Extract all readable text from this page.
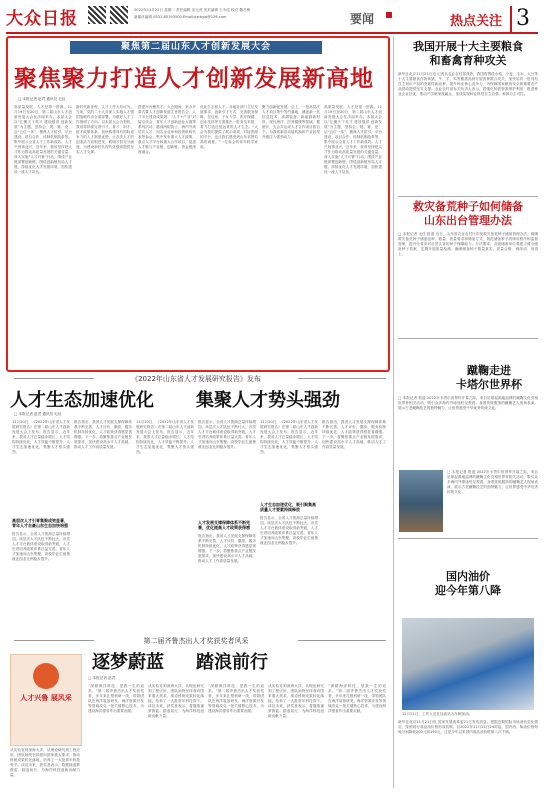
大众日报	2022年11月22日 星期二 责任编辑 宋元虎 美术编辑 王永佳 校对 魏冬梅
新媒体编辑 0531-85193500 Email:dzrbyw@126.com	要闻	热点关注 3
聚焦第二届山东人才创新发展大会
聚焦聚力打造人才创新发展新高地
□ 本报记者 赵君 通讯员 毛佳
高质量发展、人才是第一资源。11月19日至20日，第二届山东人才创新发展大会在济南举办。本届大会以“汇聚天下英才 建设强省 创新发展”为主题，坚持会、展、赛、论、洽“五位一体”，聚焦人才招引、平台建设、项目合作、体制机制改革等，集中展示全省人才工作新成效。人才兴则事业兴，近年来，我省坚持把人才作为推动高质量发展的关键变量，深入实施“人才兴鲁”行动，围绕产业链部署创新链、围绕创新链布局人才链，持续优化人才发展环境，加快建设一流人才队伍。
新时代新征程，人才工作大有可为。当前，党的二十大对深入实施人才强国战略作出全面部署，为做好人才工作指明了方向。以本届大会为契机，我省将持续完善引才、育才、用才、留才政策体系，加快构建具有国际竞争力的人才制度优势，让各类人才的创造活力竞相迸发，聪明才智充分涌流，为建设新时代现代化强省提供坚实人才支撑。
搭建平台聚英才。大会期间，举办开幕式暨人才创新发展主旨报告会、人才平台建设成果展、“人才+产业”对接洽谈会、青年人才创新创业大赛等系列活动，邀请两院院士、海内外高层次人才、知名企业家和投资机构代表等参会，集中发布重大人才政策、重点人才平台和重大合作项目，促进人才链与产业链、创新链、资金链深度融合。
优化生态留人才。各地各部门立足发展需求，创新引才方式，完善服务保障，在住房、子女入学、医疗保健、创业扶持等方面推出一批务实举措，着力打造近悦远来的人才生态。“大会为我们提供了展示成果、对接资源的平台，也让我们感受到山东求贤若渴的诚意。”一位参会的青年科学家说。
聚力创新促发展。会上，一批高层次人才项目集中签约落地，涵盖新一代信息技术、高端装备、新能源新材料、现代海洋、医养健康等领域。据统计，大会共达成人才合作项目数百个，为我省新旧动能转换和产业转型升级注入强劲动力。
高质量发展、人才是第一资源。11月19日至20日，第二届山东人才创新发展大会在济南举办。本届大会以“汇聚天下英才 建设强省 创新发展”为主题，坚持会、展、赛、论、洽“五位一体”，聚焦人才招引、平台建设、项目合作、体制机制改革等，集中展示全省人才工作新成效。人才兴则事业兴，近年来，我省坚持把人才作为推动高质量发展的关键变量，深入实施“人才兴鲁”行动，围绕产业链部署创新链、围绕创新链布局人才链，持续优化人才发展环境，加快建设一流人才队伍。
《2022年山东省人才发展研究报告》发布
人才生态加速优化 集聚人才势头强劲
□ 本报记者 赵君 通讯员 毛佳
11月20日，《2022年山东省人才发展研究报告》在第二届山东人才创新发展大会上发布。报告显示，近年来，我省人才总量稳步增长，人才结构持续优化，人才效能不断提升，人才生态加速优化，集聚人才势头强劲。
高层次人才引育集聚成效显著，青年人才自豪山东生态加快培强
报告显示，全省人才资源总量持续增加，高层次人才队伍不断壮大，各类人才平台载体建设取得新突破，人才引进培养政策体系日益完善。青年人才加速向山东集聚，高校毕业生留鲁就业创业比例稳步提升。
报告指出，我省人才发展支撑保障体系不断完善，人才评价、激励、服务机制持续优化，人才政策获得感显著增强。下一步，将聚焦重点产业链发展需求，加快建设高水平人才高地，推动人才工作高质量发展。
11月20日，《2022年山东省人才发展研究报告》在第二届山东人才创新发展大会上发布。报告显示，近年来，我省人才总量稳步增长，人才结构持续优化，人才效能不断提升，人才生态加速优化，集聚人才势头强劲。
报告显示，全省人才资源总量持续增加，高层次人才队伍不断壮大，各类人才平台载体建设取得新突破，人才引进培养政策体系日益完善。青年人才加速向山东集聚，高校毕业生留鲁就业创业比例稳步提升。
人才发展支撑保障体系不断完善，优化提高人才政策获得感
报告指出，我省人才发展支撑保障体系不断完善，人才评价、激励、服务机制持续优化，人才政策获得感显著增强。下一步，将聚焦重点产业链发展需求，加快建设高水平人才高地，推动人才工作高质量发展。
11月20日，《2022年山东省人才发展研究报告》在第二届山东人才创新发展大会上发布。报告显示，近年来，我省人才总量稳步增长，人才结构持续优化，人才效能不断提升，人才生态加速优化，集聚人才势头强劲。
人才生态加速优化，吸引聚集高质量人才要素持续释放
报告显示，全省人才资源总量持续增加，高层次人才队伍不断壮大，各类人才平台载体建设取得新突破，人才引进培养政策体系日益完善。青年人才加速向山东集聚，高校毕业生留鲁就业创业比例稳步提升。
报告指出，我省人才发展支撑保障体系不断完善，人才评价、激励、服务机制持续优化，人才政策获得感显著增强。下一步，将聚焦重点产业链发展需求，加快建设高水平人才高地，推动人才工作高质量发展。
第二届齐鲁杰出人才奖获奖者风采
逐梦蔚蓝 踏浪前行
□ 本报记者 赵君
人才兴鲁 展风采
从实验室到深海大洋，从理论研究到工程应用，团队始终坚持面向国家重大需求，推动科研成果转化落地，培养了一大批青年科技骨干。谈及未来，获奖者表示，将继续逐梦蔚蓝、踏浪前行，为海洋科技创新贡献力量。
“深耕海洋科技，是我一生的追求。”第二届齐鲁杰出人才奖获奖者，多年来扎根科研一线，带领团队在海洋装备研发、海洋资源开发等领域攻克一批关键核心技术，为建设海洋强省作出重要贡献。
从实验室到深海大洋，从理论研究到工程应用，团队始终坚持面向国家重大需求，推动科研成果转化落地，培养了一大批青年科技骨干。谈及未来，获奖者表示，将继续逐梦蔚蓝、踏浪前行，为海洋科技创新贡献力量。
“深耕海洋科技，是我一生的追求。”第二届齐鲁杰出人才奖获奖者，多年来扎根科研一线，带领团队在海洋装备研发、海洋资源开发等领域攻克一批关键核心技术，为建设海洋强省作出重要贡献。
从实验室到深海大洋，从理论研究到工程应用，团队始终坚持面向国家重大需求，推动科研成果转化落地，培养了一大批青年科技骨干。谈及未来，获奖者表示，将继续逐梦蔚蓝、踏浪前行，为海洋科技创新贡献力量。
“深耕海洋科技，是我一生的追求。”第二届齐鲁杰出人才奖获奖者，多年来扎根科研一线，带领团队在海洋装备研发、海洋资源开发等领域攻克一批关键核心技术，为建设海洋强省作出重要贡献。
我国开展十大主要粮食
和畜禽育种攻关
新华社北京11月21日电 记者从农业农村部获悉，我国将围绕水稻、小麦、玉米、大豆等十大主要粮食作物和猪、牛、羊、鸡等畜禽品种开展育种联合攻关，加快培育一批具有自主知识产权的突破性新品种，提升种业核心竞争力，为保障国家粮食安全和重要农产品供给提供坚实支撑。农业农村部有关负责人表示，将强化种质资源保护利用，推进种业企业扶优，推动产学研深度融合，加快实现种业科技自立自强、种源自主可控。
救灾备荒种子如何储备
山东出台管理办法
□ 本报记者 毛佳 报道 近日，山东省农业农村厅印发救灾备荒种子储备管理办法，明确救灾备荒种子储备品种、数量、质量要求和储备方式，规范储备种子的调用程序和监督管理，提升全省应对自然灾害的种子保障能力。办法要求，各级储备单位要建立健全储备种子档案，定期开展质量检测，确保储备种子数量真实、质量合格、调得动、用得上。
蹴鞠走进
卡塔尔世界杯
□ 本报记者 报道 2022年卡塔尔世界杯开幕之际，来自足球起源地淄博的蹴鞠文化亮相世界杯相关活动，吸引众多海内外球迷驻足观看。身着传统服饰的蹴鞠艺人现场表演，展示古老蹴鞠技艺的独特魅力，让世界感受中华优秀传统文化。
□ 本报记者 报道 2022年卡塔尔世界杯开幕之际，来自足球起源地淄博的蹴鞠文化亮相世界杯相关活动，吸引众多海内外球迷驻足观看。身着传统服饰的蹴鞠艺人现场表演，展示古老蹴鞠技艺的独特魅力，让世界感受中华优秀传统文化。
国内油价
迎今年第八降
11月21日，工作人员在加油站为车辆加油。
新华社北京11月21日电 国家发展改革委21日发布消息，根据近期国际市场油价变化情况，按照现行成品油价格形成机制，自2022年11月21日24时起，国内汽、柴油价格每吨分别降低200元和190元。这是今年以来国内成品油价格第八次下调。
